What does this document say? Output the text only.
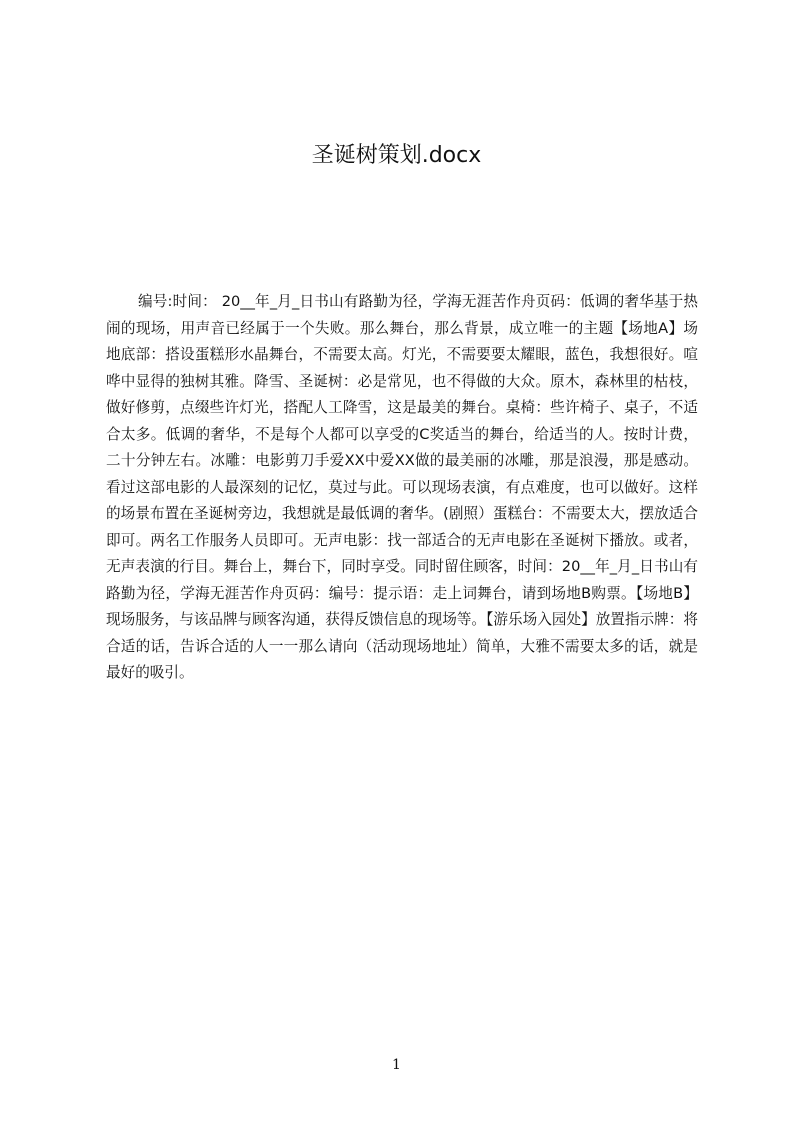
圣诞树策划.docx

编号:时间： 20__年_月_日书山有路勤为径，学海无涯苦作舟页码：低调的奢华基于热闹的现场，用声音已经属于一个失败。那么舞台，那么背景，成立唯一的主题【场地A】场地底部：搭设蛋糕形水晶舞台，不需要太高。灯光，不需要要太耀眼，蓝色，我想很好。喧哗中显得的独树其雅。降雪、圣诞树：必是常见，也不得做的大众。原木，森林里的枯枝，做好修剪，点缀些许灯光，搭配人工降雪，这是最美的舞台。桌椅：些许椅子、桌子，不适合太多。低调的奢华，不是每个人都可以享受的C奖适当的舞台，给适当的人。按时计费，二十分钟左右。冰雕：电影剪刀手爱XX中爱XX做的最美丽的冰雕，那是浪漫，那是感动。看过这部电影的人最深刻的记忆，莫过与此。可以现场表演，有点难度，也可以做好。这样的场景布置在圣诞树旁边，我想就是最低调的奢华。(剧照）蛋糕台：不需要太大，摆放适合即可。两名工作服务人员即可。无声电影：找一部适合的无声电影在圣诞树下播放。或者，无声表演的行目。舞台上，舞台下，同时享受。同时留住顾客，时间：20__年_月_日书山有路勤为径，学海无涯苦作舟页码：编号：提示语：走上词舞台，请到场地B购票。【场地B】现场服务，与该品牌与顾客沟通，获得反馈信息的现场等。【游乐场入园处】放置指示牌：将合适的话，告诉合适的人一一那么请向（活动现场地址）简单，大雅不需要太多的话，就是最好的吸引。

1
